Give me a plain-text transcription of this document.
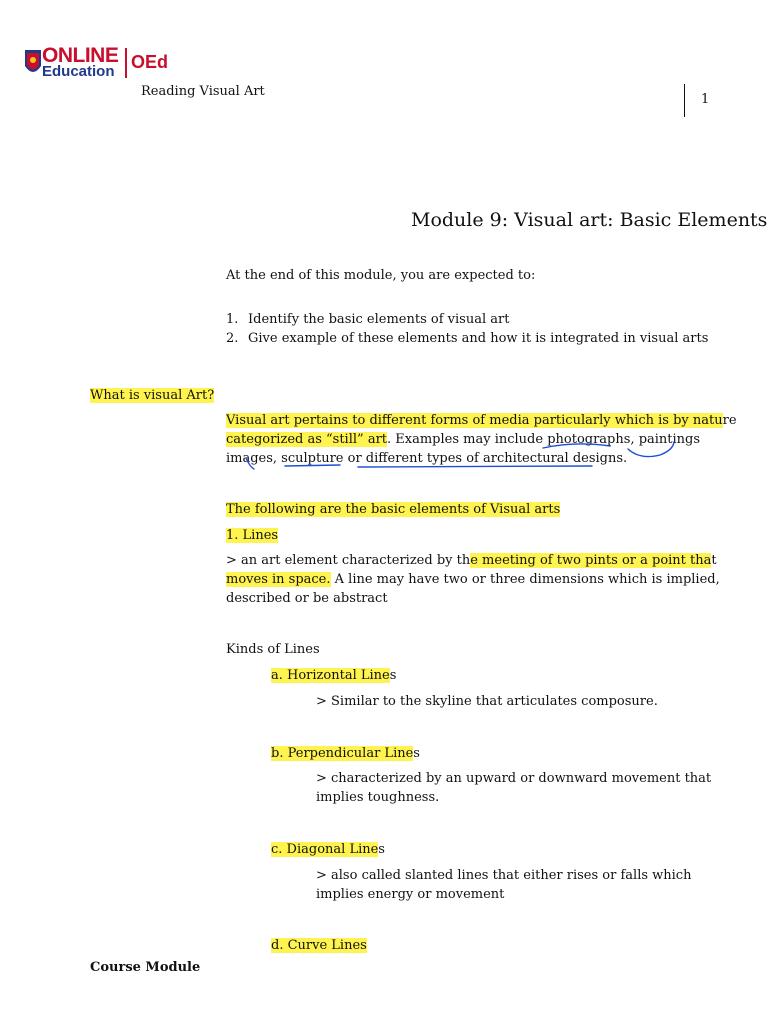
ONLINE
Education OEd
Reading Visual Art
1
Module 9: Visual art: Basic Elements
At the end of this module, you are expected to:
1. Identify the basic elements of visual art
2. Give example of these elements and how it is integrated in visual arts
What is visual Art?
Visual art pertains to different forms of media particularly which is by nature
categorized as “still” art. Examples may include photographs, paintings
images, sculpture or different types of architectural designs.
The following are the basic elements of Visual arts
1. Lines
> an art element characterized by the meeting of two pints or a point that
moves in space. A line may have two or three dimensions which is implied,
described or be abstract
Kinds of Lines
a. Horizontal Lines
> Similar to the skyline that articulates composure.
b. Perpendicular Lines
> characterized by an upward or downward movement that
implies toughness.
c. Diagonal Lines
> also called slanted lines that either rises or falls which
implies energy or movement
d. Curve Lines
Course Module
